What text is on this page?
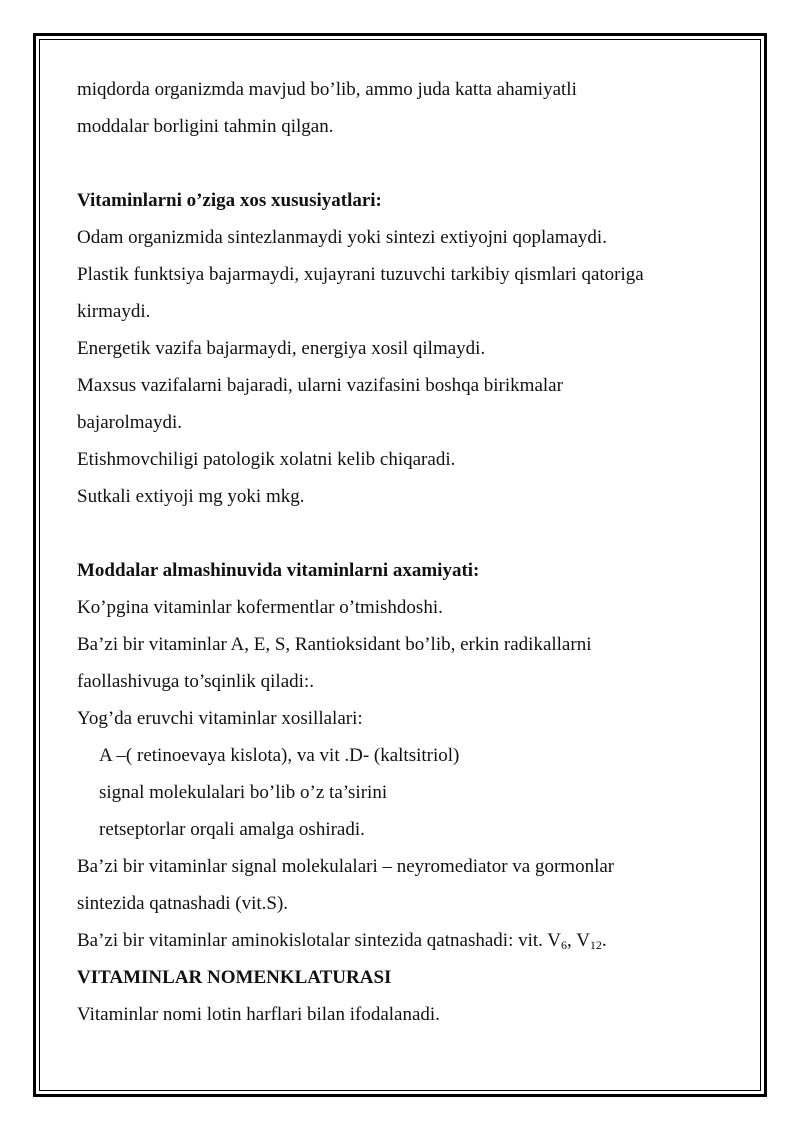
miqdorda organizmda mavjud bo’lib, ammo juda katta ahamiyatli

moddalar borligini tahmin qilgan.

Vitaminlarni o’ziga xos xususiyatlari:

Odam organizmida sintezlanmaydi yoki sintezi extiyojni qoplamaydi.

Plastik funktsiya bajarmaydi, xujayrani tuzuvchi tarkibiy qismlari qatoriga

kirmaydi.

Energetik vazifa bajarmaydi, energiya xosil qilmaydi.

Maxsus vazifalarni bajaradi, ularni vazifasini boshqa birikmalar

bajarolmaydi.

Etishmovchiligi patologik xolatni kelib chiqaradi.

Sutkali extiyoji mg yoki mkg.

Moddalar almashinuvida vitaminlarni axamiyati:

Ko’pgina vitaminlar kofermentlar o’tmishdoshi.

Ba’zi bir vitaminlar A, E, S, Rantioksidant bo’lib, erkin radikallarni

faollashivuga to’sqinlik qiladi:.

Yog’da eruvchi vitaminlar xosillalari:

A –( retinoevaya kislota), va vit .D- (kaltsitriol)

signal molekulalari bo’lib o’z ta’sirini

retseptorlar orqali amalga oshiradi.

Ba’zi bir vitaminlar signal molekulalari – neyromediator va gormonlar

sintezida qatnashadi (vit.S).

Ba’zi bir vitaminlar aminokislotalar sintezida qatnashadi: vit. $V_6$, $V_{12}$.

VITAMINLAR NOMENKLATURASI

Vitaminlar nomi lotin harflari bilan ifodalanadi.
